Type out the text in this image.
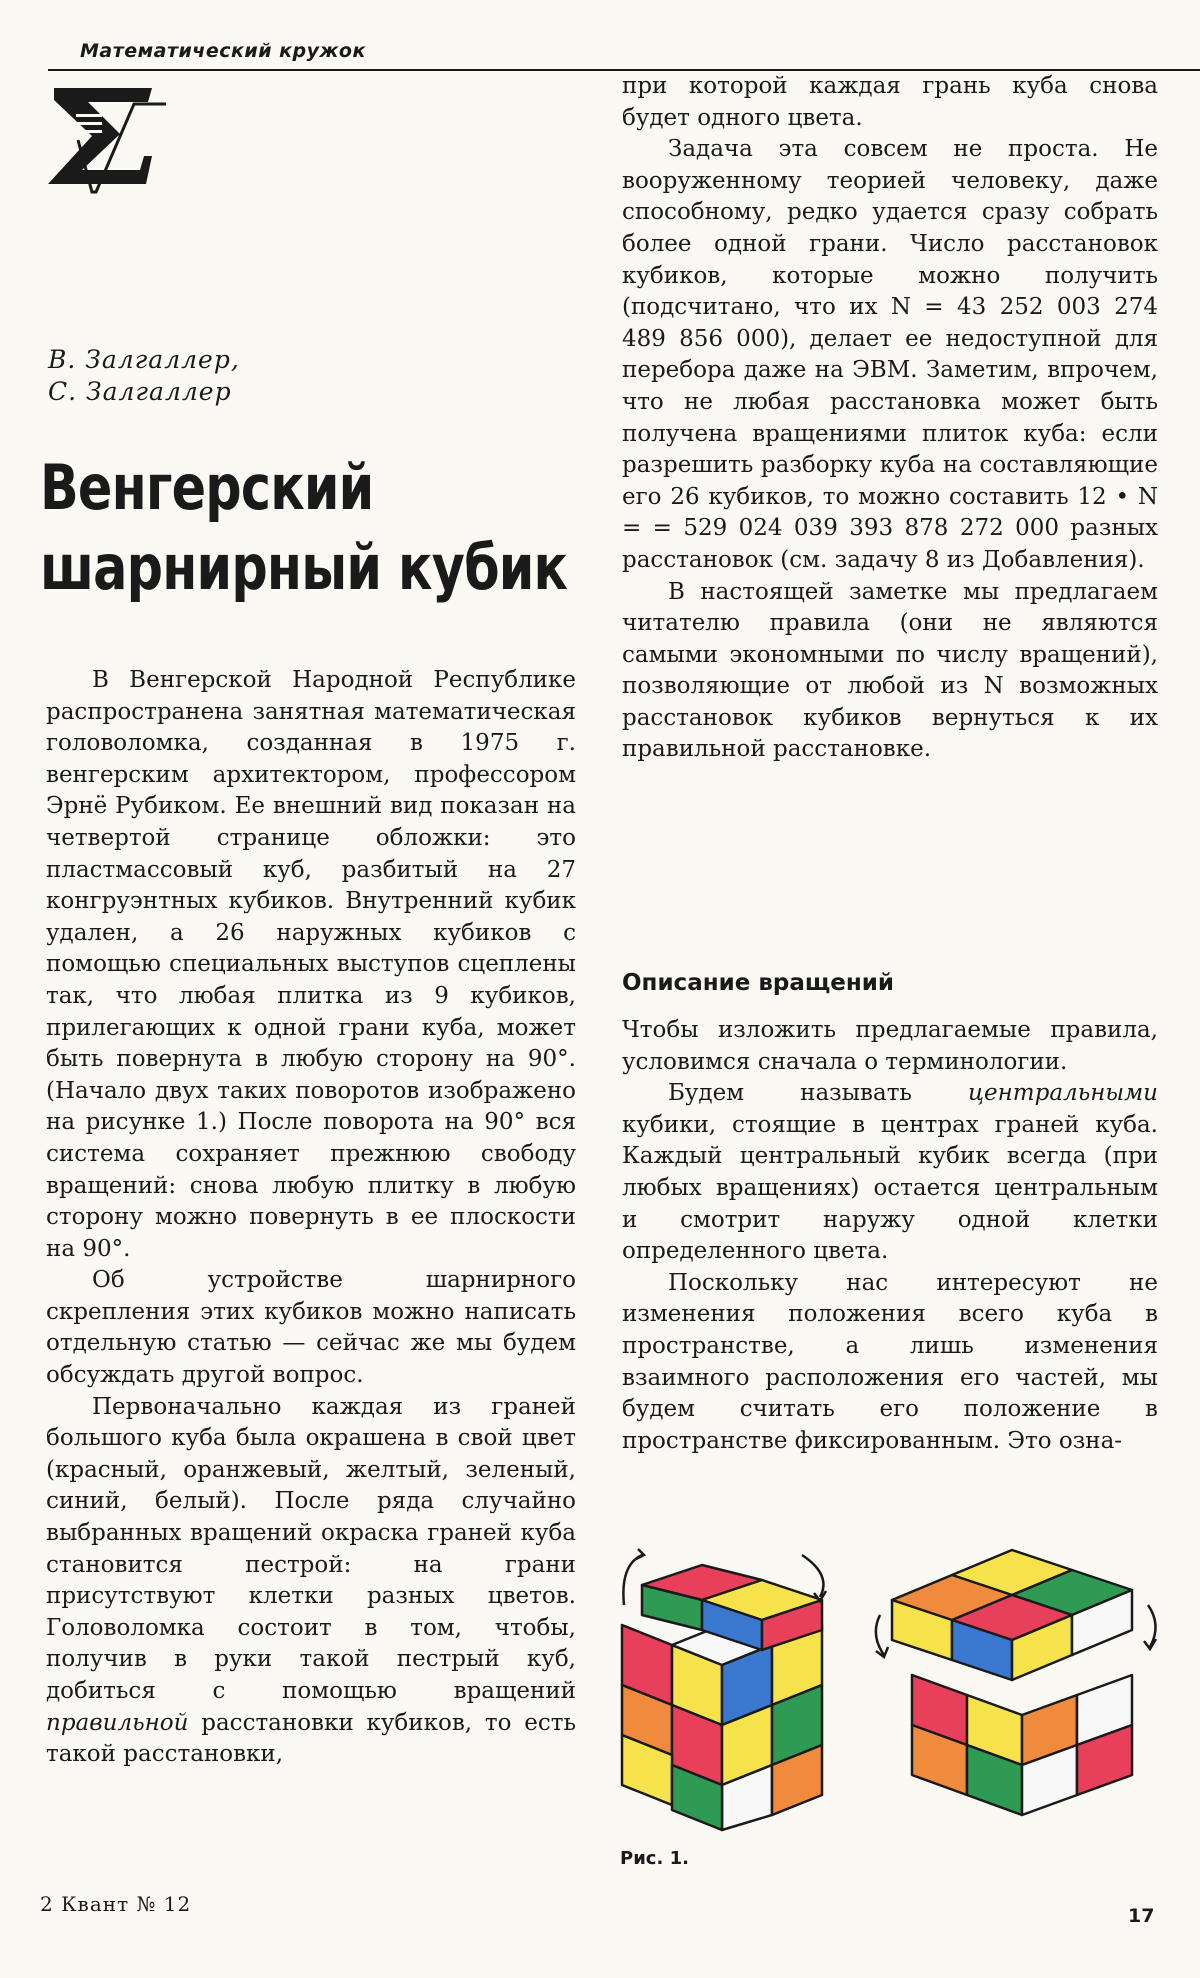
Математический кружок
В. Залгаллер,
С. Залгаллер
Венгерский
шарнирный кубик

В Венгерской Народной Республике распространена занятная математическая головоломка, созданная в 1975 г. венгерским архитектором, профессором Эрнё Рубиком. Ее внешний вид показан на четвертой странице обложки: это пластмассовый куб, разбитый на 27 конгруэнтных кубиков. Внутренний кубик удален, а 26 наружных кубиков с помощью специальных выступов сцеплены так, что любая плитка из 9 кубиков, прилегающих к одной грани куба, может быть повернута в любую сторону на 90°. (Начало двух таких поворотов изображено на рисунке 1.) После поворота на 90° вся система сохраняет прежнюю свободу вращений: снова любую плитку в любую сторону можно повернуть в ее плоскости на 90°.

Об устройстве шарнирного скрепления этих кубиков можно написать отдельную статью — сейчас же мы будем обсуждать другой вопрос.

Первоначально каждая из граней большого куба была окрашена в свой цвет (красный, оранжевый, желтый, зеленый, синий, белый). После ряда случайно выбранных вращений окраска граней куба становится пестрой: на грани присутствуют клетки разных цветов. Головоломка состоит в том, чтобы, получив в руки такой пестрый куб, добиться с помощью вращений правильной расстановки кубиков, то есть такой расстановки,

при которой каждая грань куба снова будет одного цвета.

Задача эта совсем не проста. Не вооруженному теорией человеку, даже способному, редко удается сразу собрать более одной грани. Число расстановок кубиков, которые можно получить (подсчитано, что их N = 43 252 003 274 489 856 000), делает ее недоступной для перебора даже на ЭВМ. Заметим, впрочем, что не любая расстановка может быть получена вращениями плиток куба: если разрешить разборку куба на составляющие его 26 кубиков, то можно составить 12 • N = = 529 024 039 393 878 272 000 разных расстановок (см. задачу 8 из Добавления).

В настоящей заметке мы предлагаем читателю правила (они не являются самыми экономными по числу вращений), позволяющие от любой из N возможных расстановок кубиков вернуться к их правильной расстановке.

Описание вращений

Чтобы изложить предлагаемые правила, условимся сначала о терминологии.

Будем называть центральными кубики, стоящие в центрах граней куба. Каждый центральный кубик всегда (при любых вращениях) остается центральным и смотрит наружу одной клетки определенного цвета.

Поскольку нас интересуют не изменения положения всего куба в пространстве, а лишь изменения взаимного расположения его частей, мы будем считать его положение в пространстве фиксированным. Это озна-

Рис. 1.
2 Квант № 12	17
